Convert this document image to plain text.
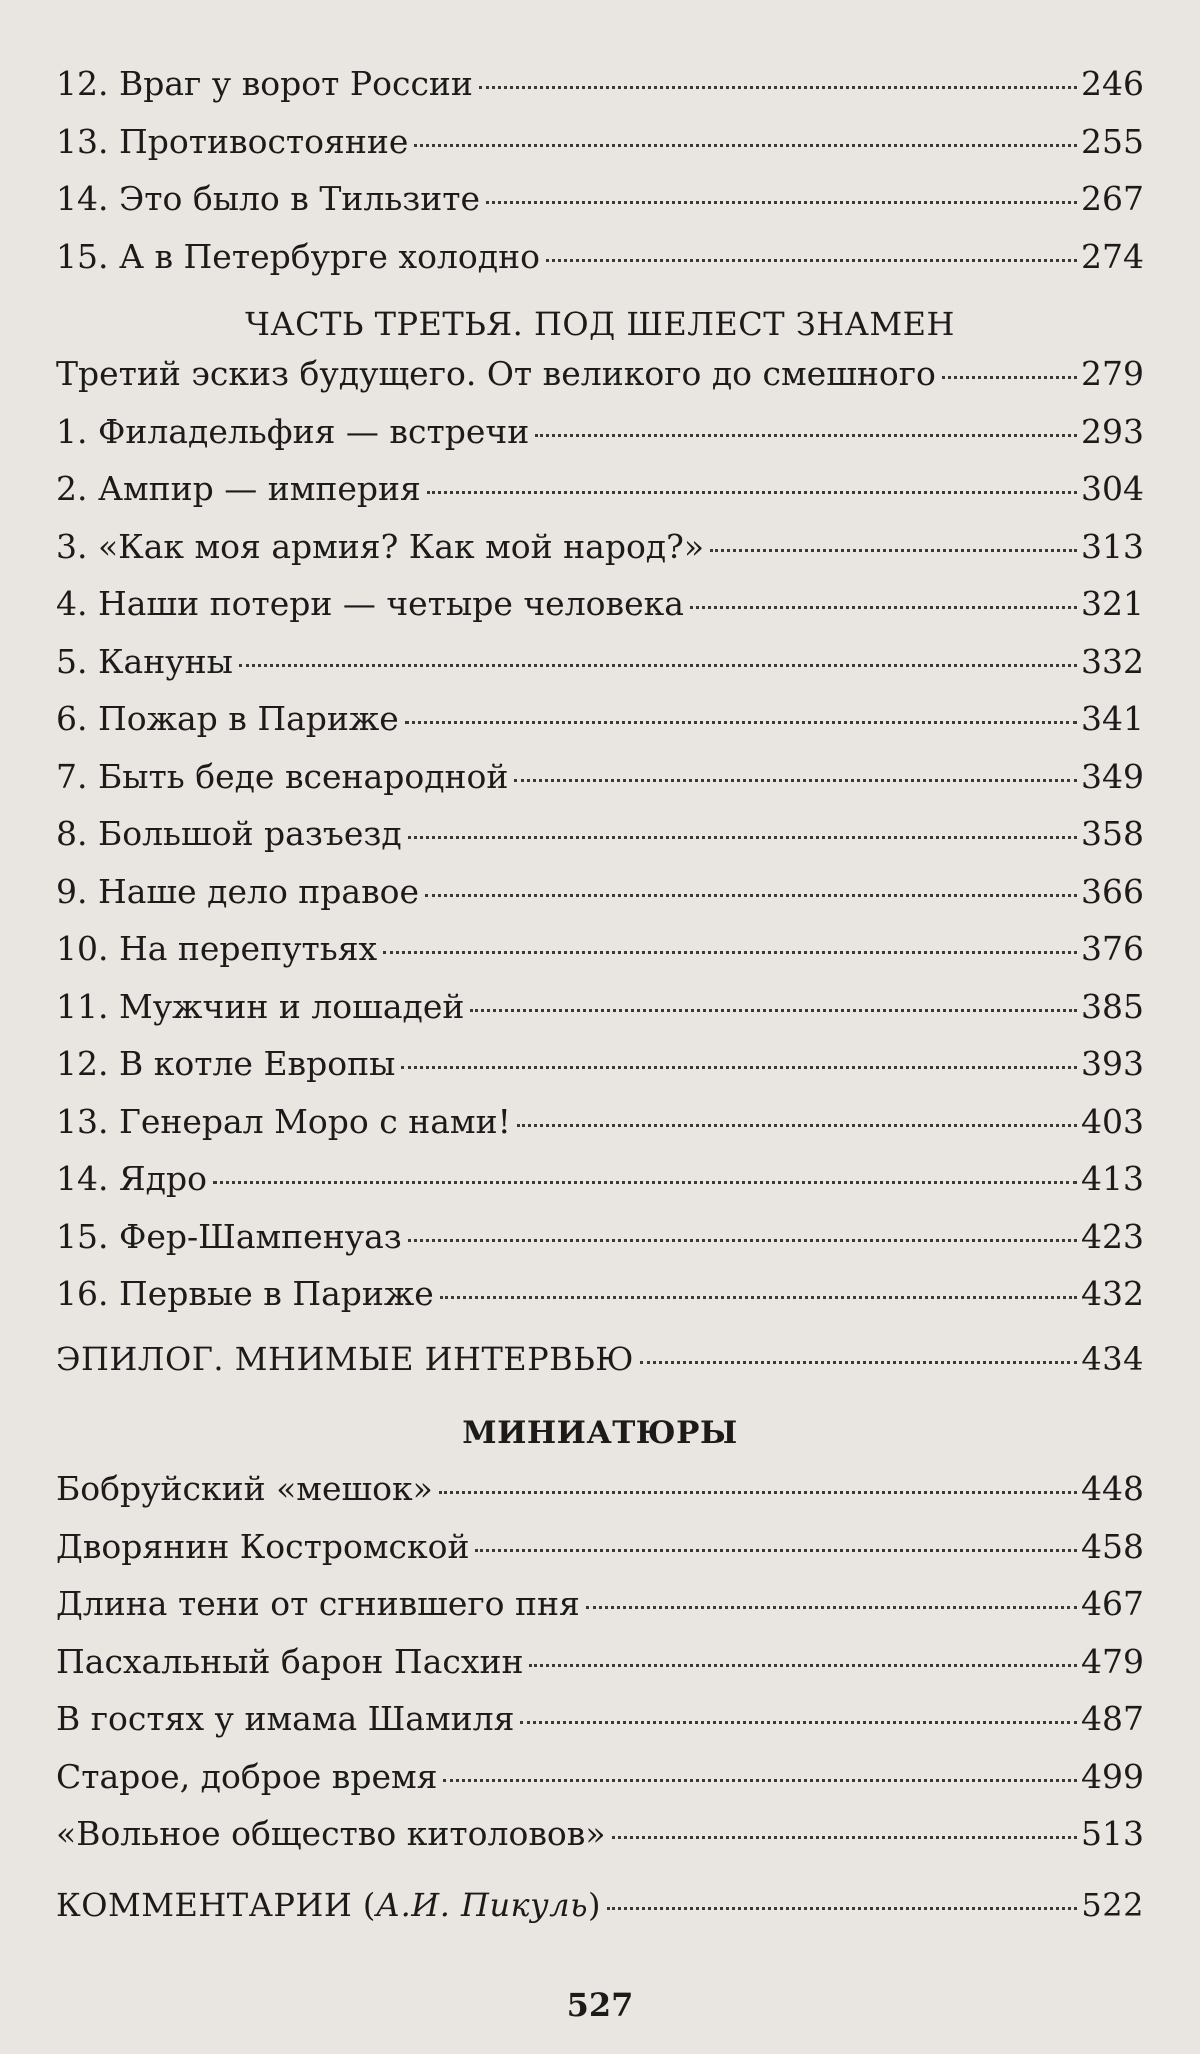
12. Враг у ворот России	246
13. Противостояние	255
14. Это было в Тильзите	267
15. А в Петербурге холодно	274
ЧАСТЬ ТРЕТЬЯ. ПОД ШЕЛЕСТ ЗНАМЕН
Третий эскиз будущего. От великого до смешного	279
1. Филадельфия — встречи	293
2. Ампир — империя	304
3. «Как моя армия? Как мой народ?»	313
4. Наши потери — четыре человека	321
5. Кануны	332
6. Пожар в Париже	341
7. Быть беде всенародной	349
8. Большой разъезд	358
9. Наше дело правое	366
10. На перепутьях	376
11. Мужчин и лошадей	385
12. В котле Европы	393
13. Генерал Моро с нами!	403
14. Ядро	413
15. Фер-Шампенуаз	423
16. Первые в Париже	432
ЭПИЛОГ. МНИМЫЕ ИНТЕРВЬЮ	434
МИНИАТЮРЫ
Бобруйский «мешок»	448
Дворянин Костромской	458
Длина тени от сгнившего пня	467
Пасхальный барон Пасхин	479
В гостях у имама Шамиля	487
Старое, доброе время	499
«Вольное общество китоловов»	513
КОММЕНТАРИИ (А.И. Пикуль)	522
527
